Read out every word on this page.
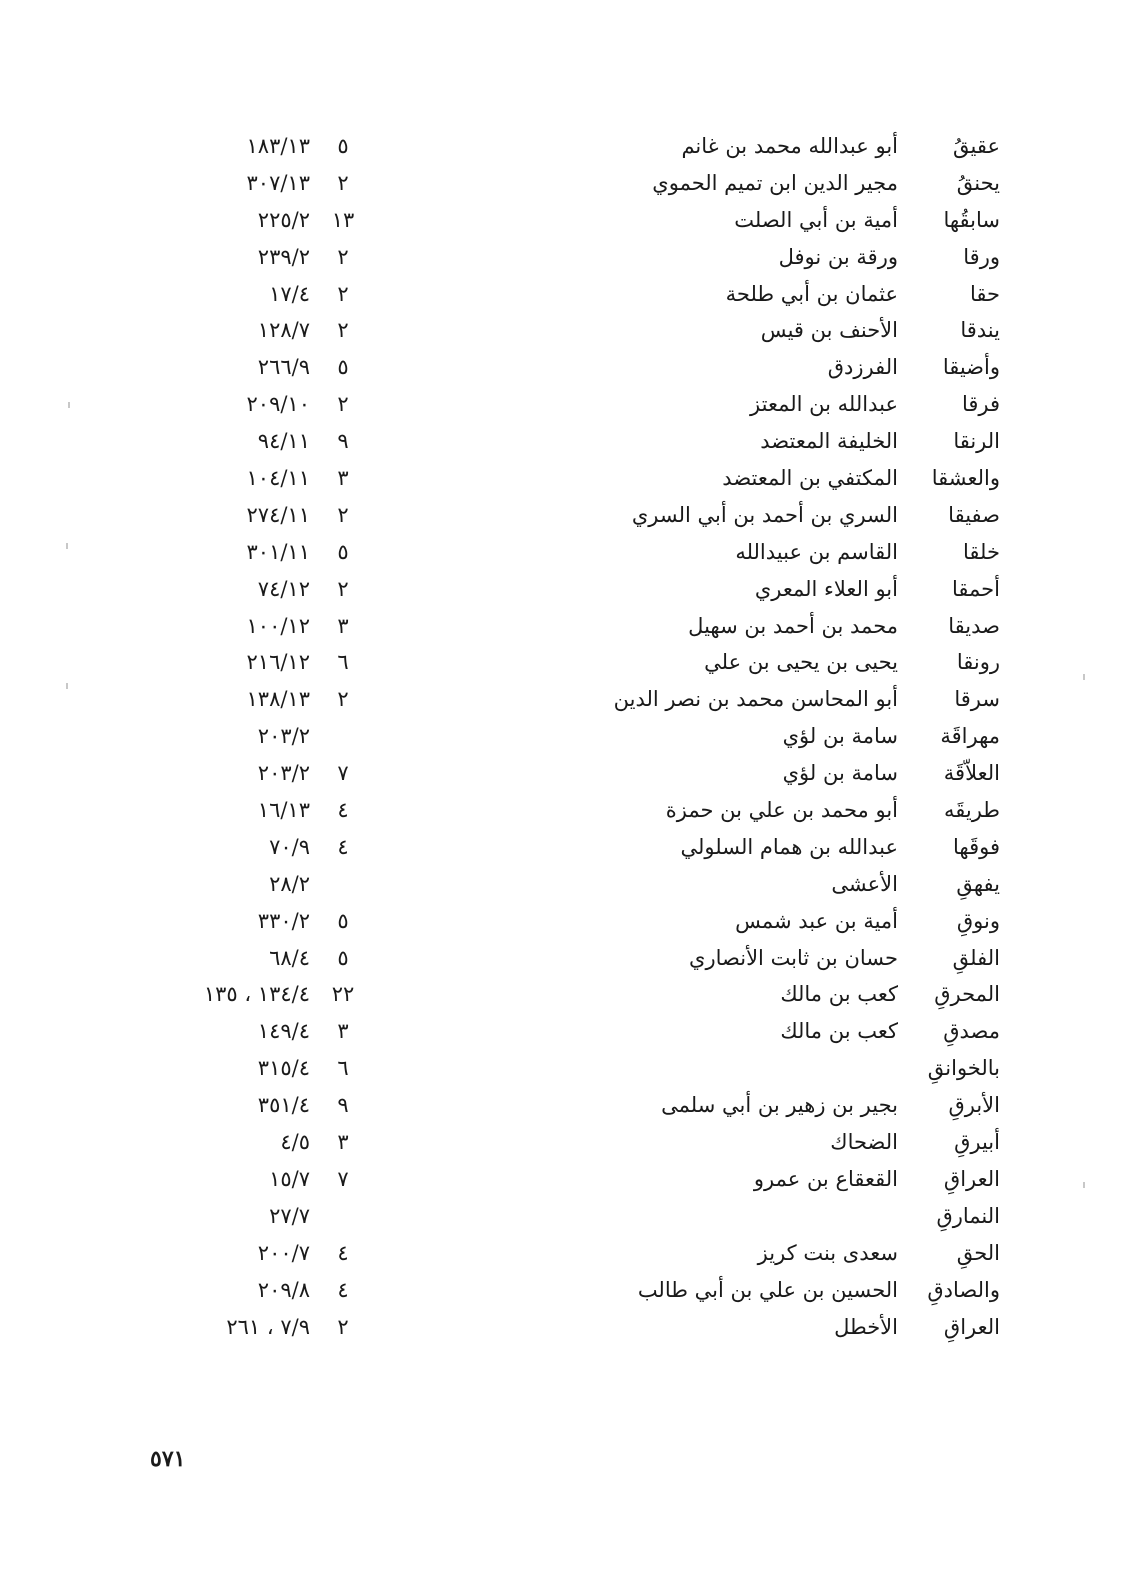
عقيقُ
أبو عبدالله محمد بن غانم
٥
١٨٣/١٣
يحنقُ
مجير الدين ابن تميم الحموي
٢
٣٠٧/١٣
سابقُها
أمية بن أبي الصلت
١٣
٢٢٥/٢
ورقا
ورقة بن نوفل
٢
٢٣٩/٢
حقا
عثمان بن أبي طلحة
٢
١٧/٤
يندقا
الأحنف بن قيس
٢
١٢٨/٧
وأضيقا
الفرزدق
٥
٢٦٦/٩
فرقا
عبدالله بن المعتز
٢
٢٠٩/١٠
الرنقا
الخليفة المعتضد
٩
٩٤/١١
والعشقا
المكتفي بن المعتضد
٣
١٠٤/١١
صفيقا
السري بن أحمد بن أبي السري
٢
٢٧٤/١١
خلقا
القاسم بن عبيدالله
٥
٣٠١/١١
أحمقا
أبو العلاء المعري
٢
٧٤/١٢
صديقا
محمد بن أحمد بن سهيل
٣
١٠٠/١٢
رونقا
يحيى بن يحيى بن علي
٦
٢١٦/١٢
سرقا
أبو المحاسن محمد بن نصر الدين
٢
١٣٨/١٣
مهراقَة
سامة بن لؤي
٢٠٣/٢
العلاّقَة
سامة بن لؤي
٧
٢٠٣/٢
طريقَه
أبو محمد بن علي بن حمزة
٤
١٦/١٣
فوقَها
عبدالله بن همام السلولي
٤
٧٠/٩
يفهقِ
الأعشى
٢٨/٢
ونوقِ
أمية بن عبد شمس
٥
٣٣٠/٢
الفلقِ
حسان بن ثابت الأنصاري
٥
٦٨/٤
المحرقِ
كعب بن مالك
٢٢
١٣٤/٤ ، ١٣٥
مصدقِ
كعب بن مالك
٣
١٤٩/٤
بالخوانقِ
٦
٣١٥/٤
الأبرقِ
بجير بن زهير بن أبي سلمى
٩
٣٥١/٤
أبيرقِ
الضحاك
٣
٤/٥
العراقِ
القعقاع بن عمرو
٧
١٥/٧
النمارقِ
٢٧/٧
الحقِ
سعدى بنت كريز
٤
٢٠٠/٧
والصادقِ
الحسين بن علي بن أبي طالب
٤
٢٠٩/٨
العراقِ
الأخطل
٢
٧/٩ ، ٢٦١
٥٧١
